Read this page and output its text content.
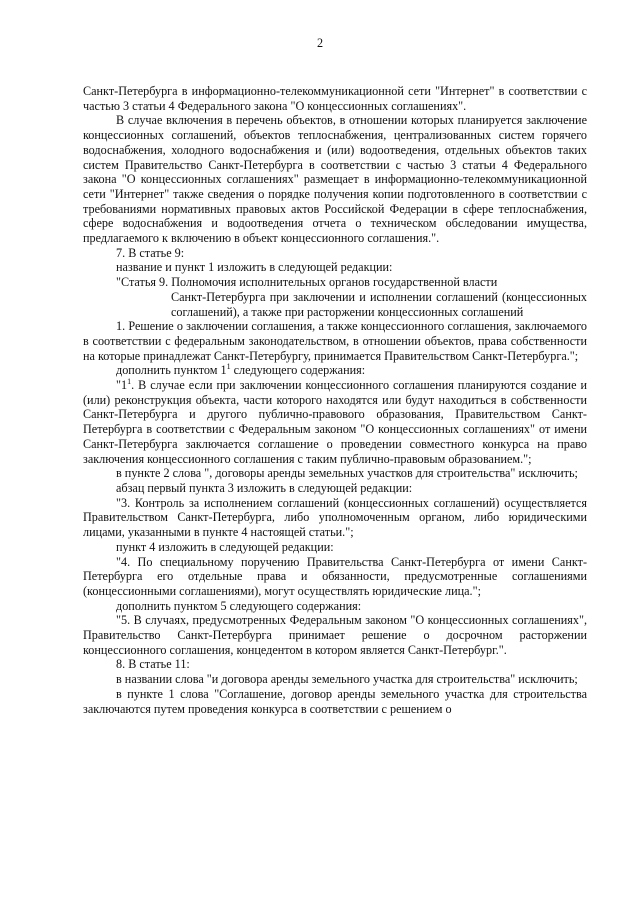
2

Санкт-Петербурга в информационно-телекоммуникационной сети "Интернет" в соответствии с частью 3 статьи 4 Федерального закона "О концессионных соглашениях".

В случае включения в перечень объектов, в отношении которых планируется заключение концессионных соглашений, объектов теплоснабжения, централизованных систем горячего водоснабжения, холодного водоснабжения и (или) водоотведения, отдельных объектов таких систем Правительство Санкт-Петербурга в соответствии с частью 3 статьи 4 Федерального закона "О концессионных соглашениях" размещает в информационно-телекоммуникационной сети "Интернет" также сведения о порядке получения копии подготовленного в соответствии с требованиями нормативных правовых актов Российской Федерации в сфере теплоснабжения, сфере водоснабжения и водоотведения отчета о техническом обследовании имущества, предлагаемого к включению в объект концессионного соглашения.".

7. В статье 9:

название и пункт 1 изложить в следующей редакции:

"Статья 9. Полномочия исполнительных органов государственной власти

Санкт-Петербурга при заключении и исполнении соглашений (концессионных соглашений), а также при расторжении концессионных соглашений

1. Решение о заключении соглашения, а также концессионного соглашения, заключаемого в соответствии с федеральным законодательством, в отношении объектов, права собственности на которые принадлежат Санкт-Петербургу, принимается Правительством Санкт-Петербурга.";

дополнить пунктом $1^1$ следующего содержания:

"$1^1$. В случае если при заключении концессионного соглашения планируются создание и (или) реконструкция объекта, части которого находятся или будут находиться в собственности Санкт-Петербурга и другого публично-правового образования, Правительством Санкт-Петербурга в соответствии с Федеральным законом "О концессионных соглашениях" от имени Санкт-Петербурга заключается соглашение о проведении совместного конкурса на право заключения концессионного соглашения с таким публично-правовым образованием.";

в пункте 2 слова ", договоры аренды земельных участков для строительства" исключить;

абзац первый пункта 3 изложить в следующей редакции:

"3. Контроль за исполнением соглашений (концессионных соглашений) осуществляется Правительством Санкт-Петербурга, либо уполномоченным органом, либо юридическими лицами, указанными в пункте 4 настоящей статьи.";

пункт 4 изложить в следующей редакции:

"4. По специальному поручению Правительства Санкт-Петербурга от имени Санкт-Петербурга его отдельные права и обязанности, предусмотренные соглашениями (концессионными соглашениями), могут осуществлять юридические лица.";

дополнить пунктом 5 следующего содержания:

"5. В случаях, предусмотренных Федеральным законом "О концессионных соглашениях", Правительство Санкт-Петербурга принимает решение о досрочном расторжении концессионного соглашения, концедентом в котором является Санкт-Петербург.".

8. В статье 11:

в названии слова "и договора аренды земельного участка для строительства" исключить;

в пункте 1 слова "Соглашение, договор аренды земельного участка для строительства заключаются путем проведения конкурса в соответствии с решением о
